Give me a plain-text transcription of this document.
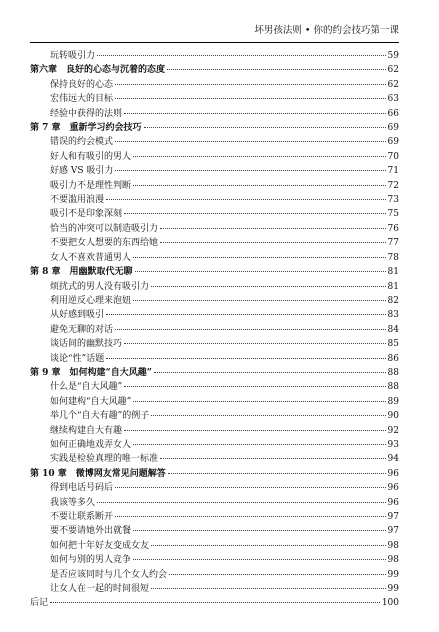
坏男孩法则 • 你的约会技巧第一课
玩转吸引力	59
第六章　良好的心态与沉着的态度	62
保持良好的心态	62
宏伟远大的目标	63
经验中获得的法则	66
第 7 章　重新学习约会技巧	69
错误的约会模式	69
好人和有吸引的男人	70
好感 VS 吸引力	71
吸引力不是理性判断	72
不要滥用浪漫	73
吸引不是印象深刻	75
恰当的冲突可以制造吸引力	76
不要把女人想要的东西给她	77
女人不喜欢普通男人	78
第 8 章　用幽默取代无聊	81
烦扰式的男人没有吸引力	81
利用逆反心理来泡妞	82
从好感到吸引	83
避免无聊的对话	84
谈话间的幽默技巧	85
谈论“性”话题	86
第 9 章　如何构建“自大风趣”	88
什么是“自大风趣”	88
如何建构“自大风趣”	89
举几个“自大有趣”的例子	90
继续构建自大有趣	92
如何正确地戏弄女人	93
实践是检验真理的唯一标准	94
第 10 章　微博网友常见问题解答	96
得到电话号码后	96
我该等多久	96
不要让联系断开	97
要不要请她外出就餐	97
如何把十年好友变成女友	98
如何与别的男人竞争	98
是否应该同时与几个女人约会	99
让女人在一起的时间很短	99
后记	100
